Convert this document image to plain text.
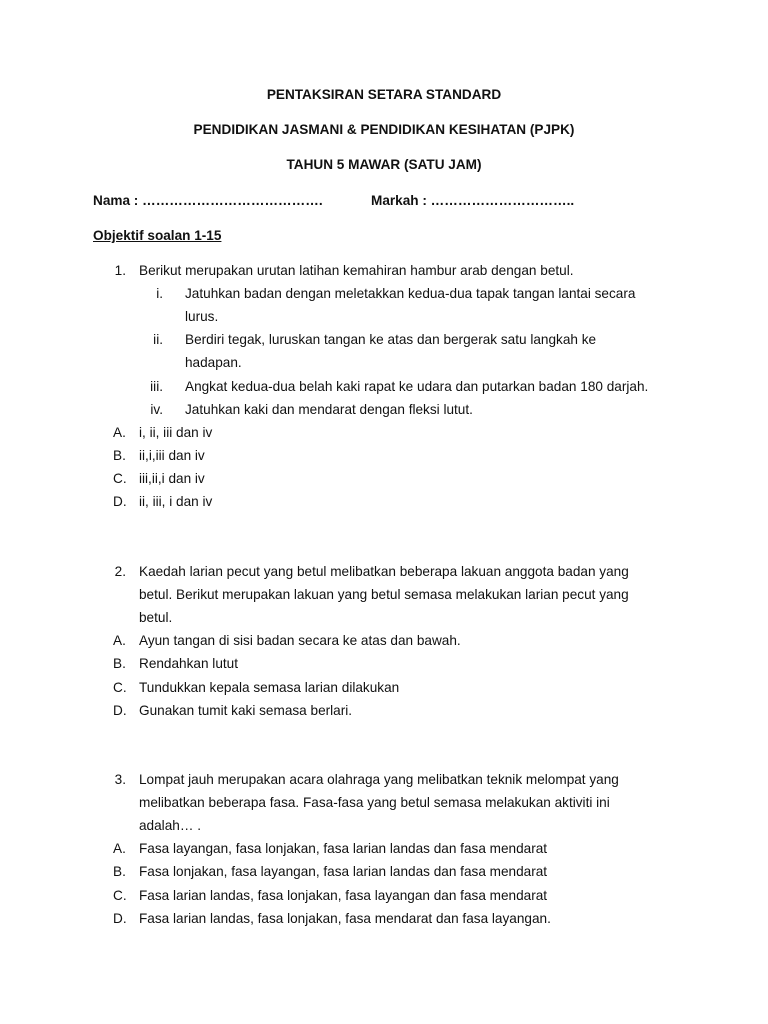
PENTAKSIRAN SETARA STANDARD
PENDIDIKAN JASMANI & PENDIDIKAN KESIHATAN (PJPK)
TAHUN 5 MAWAR (SATU JAM)
Nama : ………………………………….	Markah : …………………………..
Objektif soalan 1-15
1. Berikut merupakan urutan latihan kemahiran hambur arab dengan betul.
i. Jatuhkan badan dengan meletakkan kedua-dua tapak tangan lantai secara
lurus.
ii. Berdiri tegak, luruskan tangan ke atas dan bergerak satu langkah ke
hadapan.
iii. Angkat kedua-dua belah kaki rapat ke udara dan putarkan badan 180 darjah.
iv. Jatuhkan kaki dan mendarat dengan fleksi lutut.
A. i, ii, iii dan iv
B. ii,i,iii dan iv
C. iii,ii,i dan iv
D. ii, iii, i dan iv
2. Kaedah larian pecut yang betul melibatkan beberapa lakuan anggota badan yang
betul. Berikut merupakan lakuan yang betul semasa melakukan larian pecut yang
betul.
A. Ayun tangan di sisi badan secara ke atas dan bawah.
B. Rendahkan lutut
C. Tundukkan kepala semasa larian dilakukan
D. Gunakan tumit kaki semasa berlari.
3. Lompat jauh merupakan acara olahraga yang melibatkan teknik melompat yang
melibatkan beberapa fasa. Fasa-fasa yang betul semasa melakukan aktiviti ini
adalah… .
A. Fasa layangan, fasa lonjakan, fasa larian landas dan fasa mendarat
B. Fasa lonjakan, fasa layangan, fasa larian landas dan fasa mendarat
C. Fasa larian landas, fasa lonjakan, fasa layangan dan fasa mendarat
D. Fasa larian landas, fasa lonjakan, fasa mendarat dan fasa layangan.
